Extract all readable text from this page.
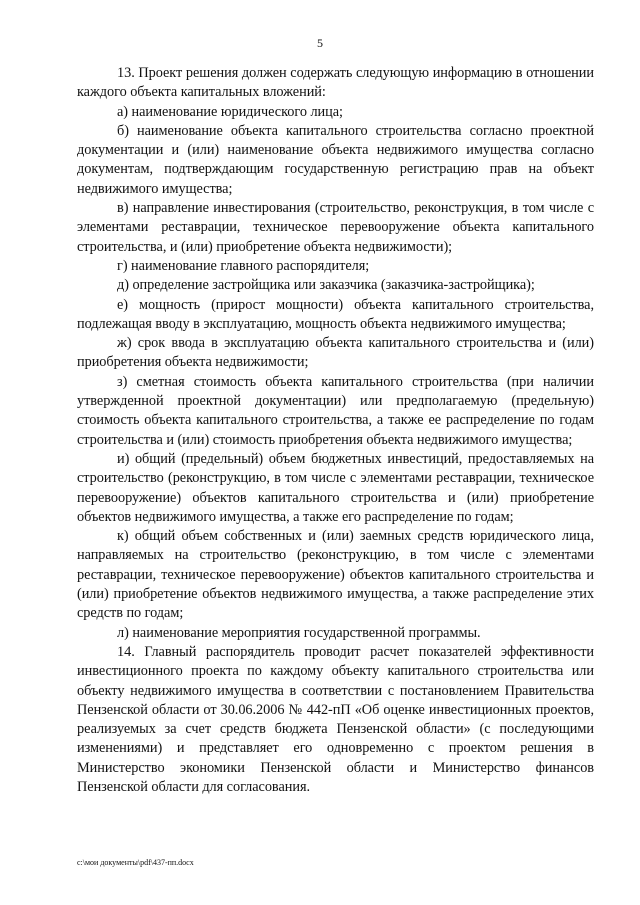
5

13. Проект решения должен содержать следующую информацию в отношении каждого объекта капитальных вложений:

а) наименование юридического лица;

б) наименование объекта капитального строительства согласно проектной документации и (или) наименование объекта недвижимого имущества согласно документам, подтверждающим государственную регистрацию прав на объект недвижимого имущества;

в) направление инвестирования (строительство, реконструкция, в том числе с элементами реставрации, техническое перевооружение объекта капитального строительства, и (или) приобретение объекта недвижимости);

г) наименование главного распорядителя;

д) определение застройщика или заказчика (заказчика-застройщика);

е) мощность (прирост мощности) объекта капитального строительства, подлежащая вводу в эксплуатацию, мощность объекта недвижимого имущества;

ж) срок ввода в эксплуатацию объекта капитального строительства и (или) приобретения объекта недвижимости;

з) сметная стоимость объекта капитального строительства (при наличии утвержденной проектной документации) или предполагаемую (предельную) стоимость объекта капитального строительства, а также ее распределение по годам строительства и (или) стоимость приобретения объекта недвижимого имущества;

и) общий (предельный) объем бюджетных инвестиций, предоставляемых на строительство (реконструкцию, в том числе с элементами реставрации, техническое перевооружение) объектов капитального строительства и (или) приобретение объектов недвижимого имущества, а также его распределение по годам;

к) общий объем собственных и (или) заемных средств юридического лица, направляемых на строительство (реконструкцию, в том числе с элементами реставрации, техническое перевооружение) объектов капитального строительства и (или) приобретение объектов недвижимого имущества, а также распределение этих средств по годам;

л) наименование мероприятия государственной программы.

14. Главный распорядитель проводит расчет показателей эффективности инвестиционного проекта по каждому объекту капитального строительства или объекту недвижимого имущества в соответствии с постановлением Правительства Пензенской области от 30.06.2006 № 442-пП «Об оценке инвестиционных проектов, реализуемых за счет средств бюджета Пензенской области» (с последующими изменениями) и представляет его одновременно с проектом решения в Министерство экономики Пензенской области и Министерство финансов Пензенской области для согласования.

c:\мои документы\pdf\437-пп.docx
